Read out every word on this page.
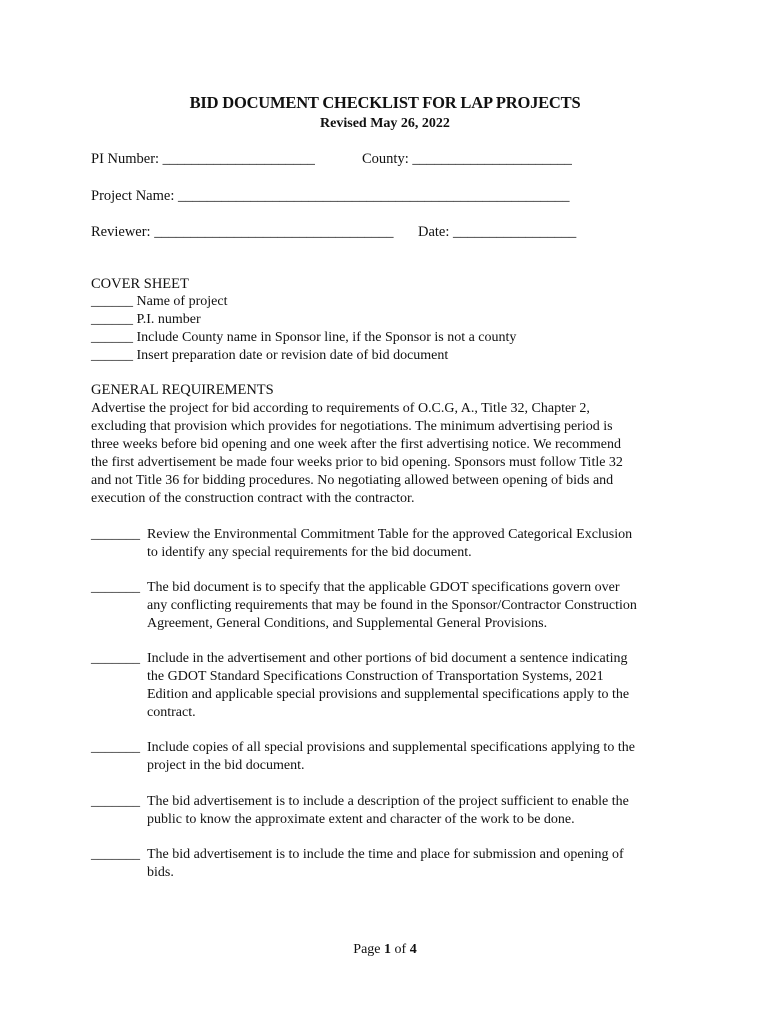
BID DOCUMENT CHECKLIST FOR LAP PROJECTS
Revised May 26, 2022
PI Number: _____________________	County: ______________________
Project Name: ______________________________________________________
Reviewer: _________________________________ Date: _________________
COVER SHEET
______ Name of project
______ P.I. number
______ Include County name in Sponsor line, if the Sponsor is not a county
______ Insert preparation date or revision date of bid document
GENERAL REQUIREMENTS
Advertise the project for bid according to requirements of O.C.G, A., Title 32, Chapter 2,
excluding that provision which provides for negotiations. The minimum advertising period is
three weeks before bid opening and one week after the first advertising notice. We recommend
the first advertisement be made four weeks prior to bid opening. Sponsors must follow Title 32
and not Title 36 for bidding procedures. No negotiating allowed between opening of bids and
execution of the construction contract with the contractor.
_______ Review the Environmental Commitment Table for the approved Categorical Exclusion
to identify any special requirements for the bid document.
_______ The bid document is to specify that the applicable GDOT specifications govern over
any conflicting requirements that may be found in the Sponsor/Contractor Construction
Agreement, General Conditions, and Supplemental General Provisions.
_______ Include in the advertisement and other portions of bid document a sentence indicating
the GDOT Standard Specifications Construction of Transportation Systems, 2021
Edition and applicable special provisions and supplemental specifications apply to the
contract.
_______ Include copies of all special provisions and supplemental specifications applying to the
project in the bid document.
_______ The bid advertisement is to include a description of the project sufficient to enable the
public to know the approximate extent and character of the work to be done.
_______ The bid advertisement is to include the time and place for submission and opening of
bids.
Page 1 of 4
